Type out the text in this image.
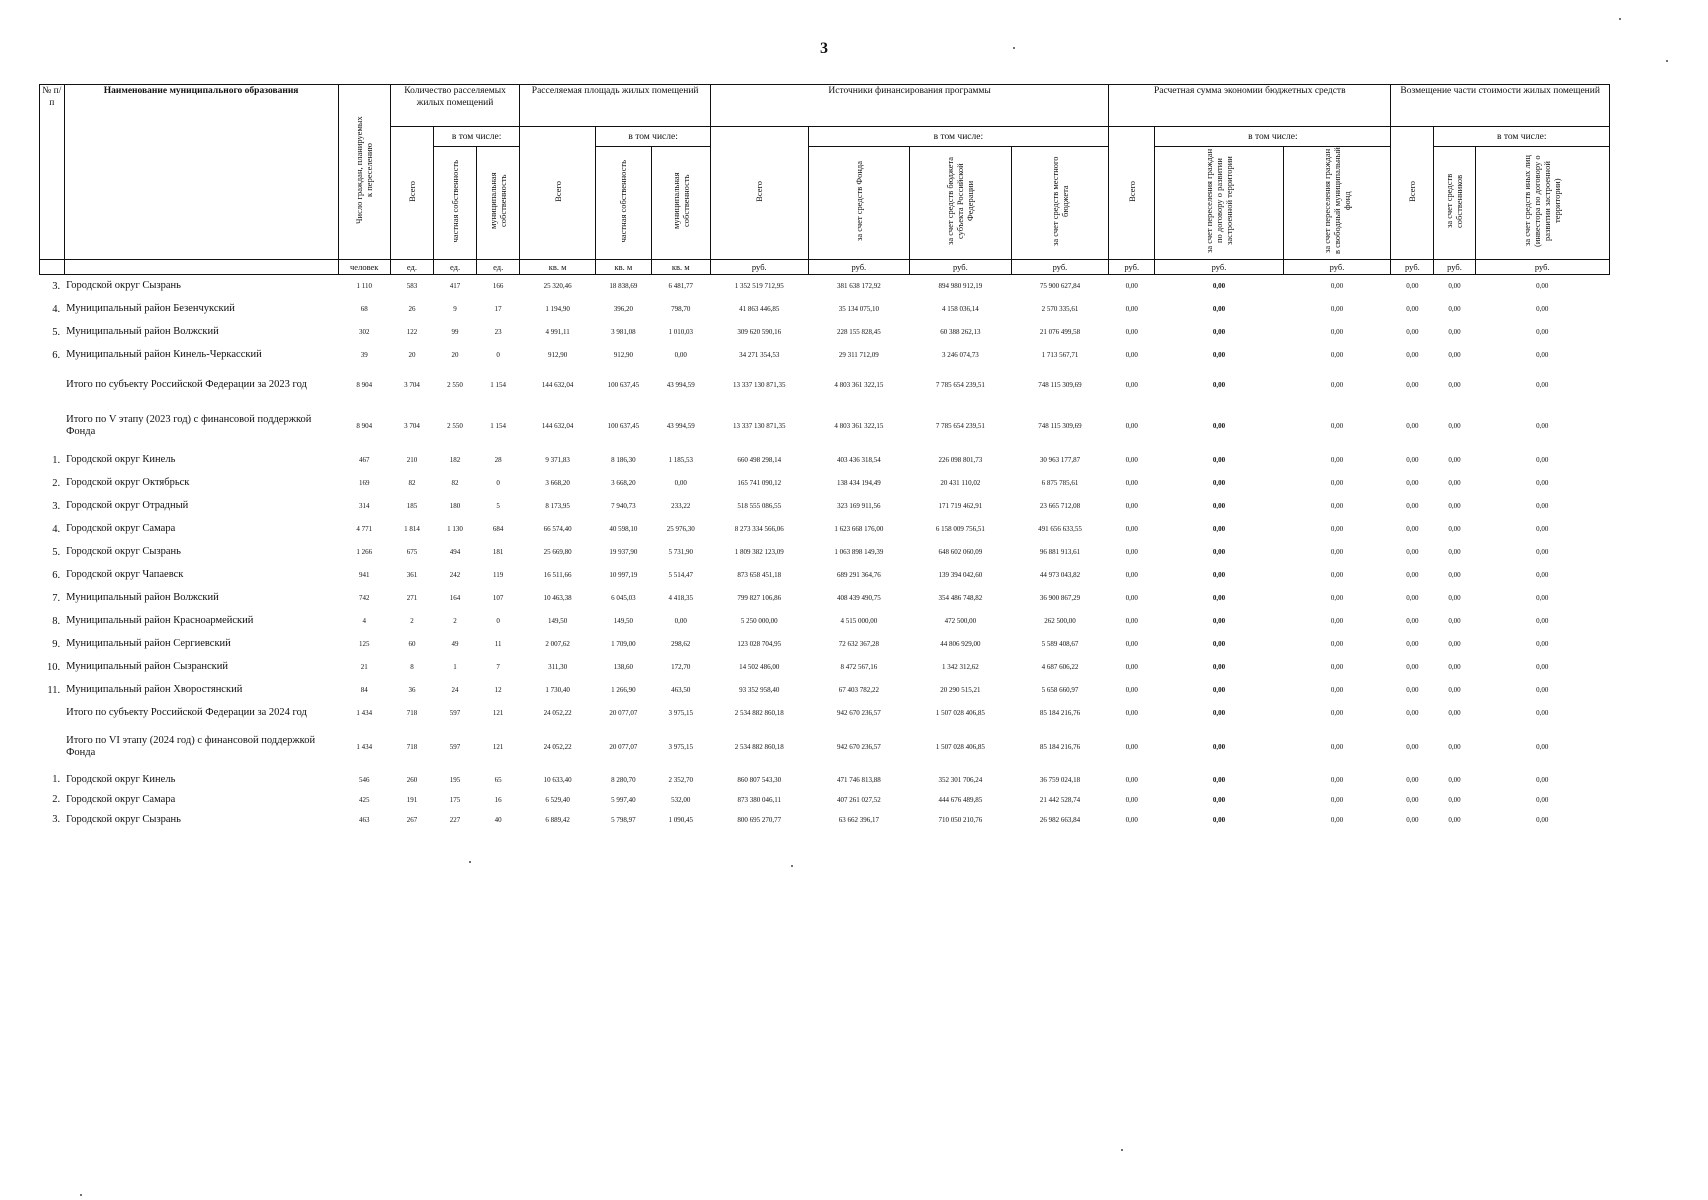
3
№ п/п	Наименование муниципального образования	Число граждан, планируемых к переселению	Количество расселяемых жилых помещений			Расселяемая площадь жилых помещений			Источники финансирования программы				Расчетная сумма экономии бюджетных средств			Возмещение части стоимости жилых помещений		
			Всего	в том числе:		Всего	в том числе:		Всего	в том числе:			Всего	в том числе:		Всего	в том числе:	
				частная собственность	муниципальная собственность		частная собственность	муниципальная собственность		за счет средств Фонда	за счет средств бюджета субъекта Российской Федерации	за счет средств местного бюджета		за счет переселения граждан по договору о развитии застроенной территории	за счет переселения граждан в свободный муниципальный фонд		за счет средств собственников	за счет средств иных лиц (инвестора по договору о развитии застроенной территории)
		человек	ед.	ед.	ед.	кв. м	кв. м	кв. м	руб.	руб.	руб.	руб.	руб.	руб.	руб.	руб.	руб.	руб.
3.	Городской округ Сызрань	1 110	583	417	166	25 320,46	18 838,69	6 481,77	1 352 519 712,95	381 638 172,92	894 980 912,19	75 900 627,84	0,00	0,00	0,00	0,00	0,00	0,00
4.	Муниципальный район Безенчукский	68	26	9	17	1 194,90	396,20	798,70	41 863 446,85	35 134 075,10	4 158 036,14	2 570 335,61	0,00	0,00	0,00	0,00	0,00	0,00
5.	Муниципальный район Волжский	302	122	99	23	4 991,11	3 981,08	1 010,03	309 620 590,16	228 155 828,45	60 388 262,13	21 076 499,58	0,00	0,00	0,00	0,00	0,00	0,00
6.	Муниципальный район Кинель-Черкасский	39	20	20	0	912,90	912,90	0,00	34 271 354,53	29 311 712,09	3 246 074,73	1 713 567,71	0,00	0,00	0,00	0,00	0,00	0,00
	Итого по субъекту Российской Федерации за 2023 год	8 904	3 704	2 550	1 154	144 632,04	100 637,45	43 994,59	13 337 130 871,35	4 803 361 322,15	7 785 654 239,51	748 115 309,69	0,00	0,00	0,00	0,00	0,00	0,00
	Итого по V этапу (2023 год) с финансовой поддержкой Фонда	8 904	3 704	2 550	1 154	144 632,04	100 637,45	43 994,59	13 337 130 871,35	4 803 361 322,15	7 785 654 239,51	748 115 309,69	0,00	0,00	0,00	0,00	0,00	0,00
1.	Городской округ Кинель	467	210	182	28	9 371,83	8 186,30	1 185,53	660 498 298,14	403 436 318,54	226 098 801,73	30 963 177,87	0,00	0,00	0,00	0,00	0,00	0,00
2.	Городской округ Октябрьск	169	82	82	0	3 668,20	3 668,20	0,00	165 741 090,12	138 434 194,49	20 431 110,02	6 875 785,61	0,00	0,00	0,00	0,00	0,00	0,00
3.	Городской округ Отрадный	314	185	180	5	8 173,95	7 940,73	233,22	518 555 086,55	323 169 911,56	171 719 462,91	23 665 712,08	0,00	0,00	0,00	0,00	0,00	0,00
4.	Городской округ Самара	4 771	1 814	1 130	684	66 574,40	40 598,10	25 976,30	8 273 334 566,06	1 623 668 176,00	6 158 009 756,51	491 656 633,55	0,00	0,00	0,00	0,00	0,00	0,00
5.	Городской округ Сызрань	1 266	675	494	181	25 669,80	19 937,90	5 731,90	1 809 382 123,09	1 063 898 149,39	648 602 060,09	96 881 913,61	0,00	0,00	0,00	0,00	0,00	0,00
6.	Городской округ Чапаевск	941	361	242	119	16 511,66	10 997,19	5 514,47	873 658 451,18	689 291 364,76	139 394 042,60	44 973 043,82	0,00	0,00	0,00	0,00	0,00	0,00
7.	Муниципальный район Волжский	742	271	164	107	10 463,38	6 045,03	4 418,35	799 827 106,86	408 439 490,75	354 486 748,82	36 900 867,29	0,00	0,00	0,00	0,00	0,00	0,00
8.	Муниципальный район Красноармейский	4	2	2	0	149,50	149,50	0,00	5 250 000,00	4 515 000,00	472 500,00	262 500,00	0,00	0,00	0,00	0,00	0,00	0,00
9.	Муниципальный район Сергиевский	125	60	49	11	2 007,62	1 709,00	298,62	123 028 704,95	72 632 367,28	44 806 929,00	5 589 408,67	0,00	0,00	0,00	0,00	0,00	0,00
10.	Муниципальный район Сызранский	21	8	1	7	311,30	138,60	172,70	14 502 486,00	8 472 567,16	1 342 312,62	4 687 606,22	0,00	0,00	0,00	0,00	0,00	0,00
11.	Муниципальный район Хворостянский	84	36	24	12	1 730,40	1 266,90	463,50	93 352 958,40	67 403 782,22	20 290 515,21	5 658 660,97	0,00	0,00	0,00	0,00	0,00	0,00
	Итого по субъекту Российской Федерации за 2024 год	1 434	718	597	121	24 052,22	20 077,07	3 975,15	2 534 882 860,18	942 670 236,57	1 507 028 406,85	85 184 216,76	0,00	0,00	0,00	0,00	0,00	0,00
	Итого по VI этапу (2024 год) с финансовой поддержкой Фонда	1 434	718	597	121	24 052,22	20 077,07	3 975,15	2 534 882 860,18	942 670 236,57	1 507 028 406,85	85 184 216,76	0,00	0,00	0,00	0,00	0,00	0,00
1.	Городской округ Кинель	546	260	195	65	10 633,40	8 280,70	2 352,70	860 807 543,30	471 746 813,88	352 301 706,24	36 759 024,18	0,00	0,00	0,00	0,00	0,00	0,00
2.	Городской округ Самара	425	191	175	16	6 529,40	5 997,40	532,00	873 380 046,11	407 261 027,52	444 676 489,85	21 442 528,74	0,00	0,00	0,00	0,00	0,00	0,00
3.	Городской округ Сызрань	463	267	227	40	6 889,42	5 798,97	1 090,45	800 695 270,77	63 662 396,17	710 050 210,76	26 982 663,84	0,00	0,00	0,00	0,00	0,00	0,00
